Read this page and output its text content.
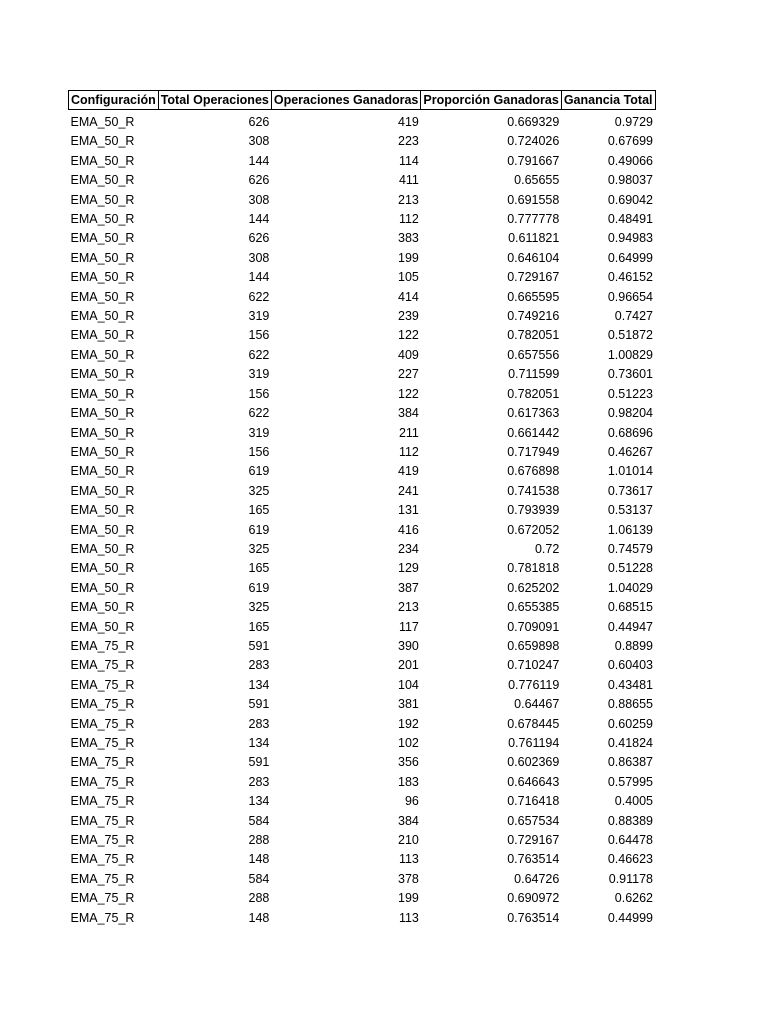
Configuración	Total Operaciones	Operaciones Ganadoras	Proporción Ganadoras	Ganancia Total

EMA_50_R	626	419	0.669329	0.9729
EMA_50_R	308	223	0.724026	0.67699
EMA_50_R	144	114	0.791667	0.49066
EMA_50_R	626	411	0.65655	0.98037
EMA_50_R	308	213	0.691558	0.69042
EMA_50_R	144	112	0.777778	0.48491
EMA_50_R	626	383	0.611821	0.94983
EMA_50_R	308	199	0.646104	0.64999
EMA_50_R	144	105	0.729167	0.46152
EMA_50_R	622	414	0.665595	0.96654
EMA_50_R	319	239	0.749216	0.7427
EMA_50_R	156	122	0.782051	0.51872
EMA_50_R	622	409	0.657556	1.00829
EMA_50_R	319	227	0.711599	0.73601
EMA_50_R	156	122	0.782051	0.51223
EMA_50_R	622	384	0.617363	0.98204
EMA_50_R	319	211	0.661442	0.68696
EMA_50_R	156	112	0.717949	0.46267
EMA_50_R	619	419	0.676898	1.01014
EMA_50_R	325	241	0.741538	0.73617
EMA_50_R	165	131	0.793939	0.53137
EMA_50_R	619	416	0.672052	1.06139
EMA_50_R	325	234	0.72	0.74579
EMA_50_R	165	129	0.781818	0.51228
EMA_50_R	619	387	0.625202	1.04029
EMA_50_R	325	213	0.655385	0.68515
EMA_50_R	165	117	0.709091	0.44947
EMA_75_R	591	390	0.659898	0.8899
EMA_75_R	283	201	0.710247	0.60403
EMA_75_R	134	104	0.776119	0.43481
EMA_75_R	591	381	0.64467	0.88655
EMA_75_R	283	192	0.678445	0.60259
EMA_75_R	134	102	0.761194	0.41824
EMA_75_R	591	356	0.602369	0.86387
EMA_75_R	283	183	0.646643	0.57995
EMA_75_R	134	96	0.716418	0.4005
EMA_75_R	584	384	0.657534	0.88389
EMA_75_R	288	210	0.729167	0.64478
EMA_75_R	148	113	0.763514	0.46623
EMA_75_R	584	378	0.64726	0.91178
EMA_75_R	288	199	0.690972	0.6262
EMA_75_R	148	113	0.763514	0.44999
